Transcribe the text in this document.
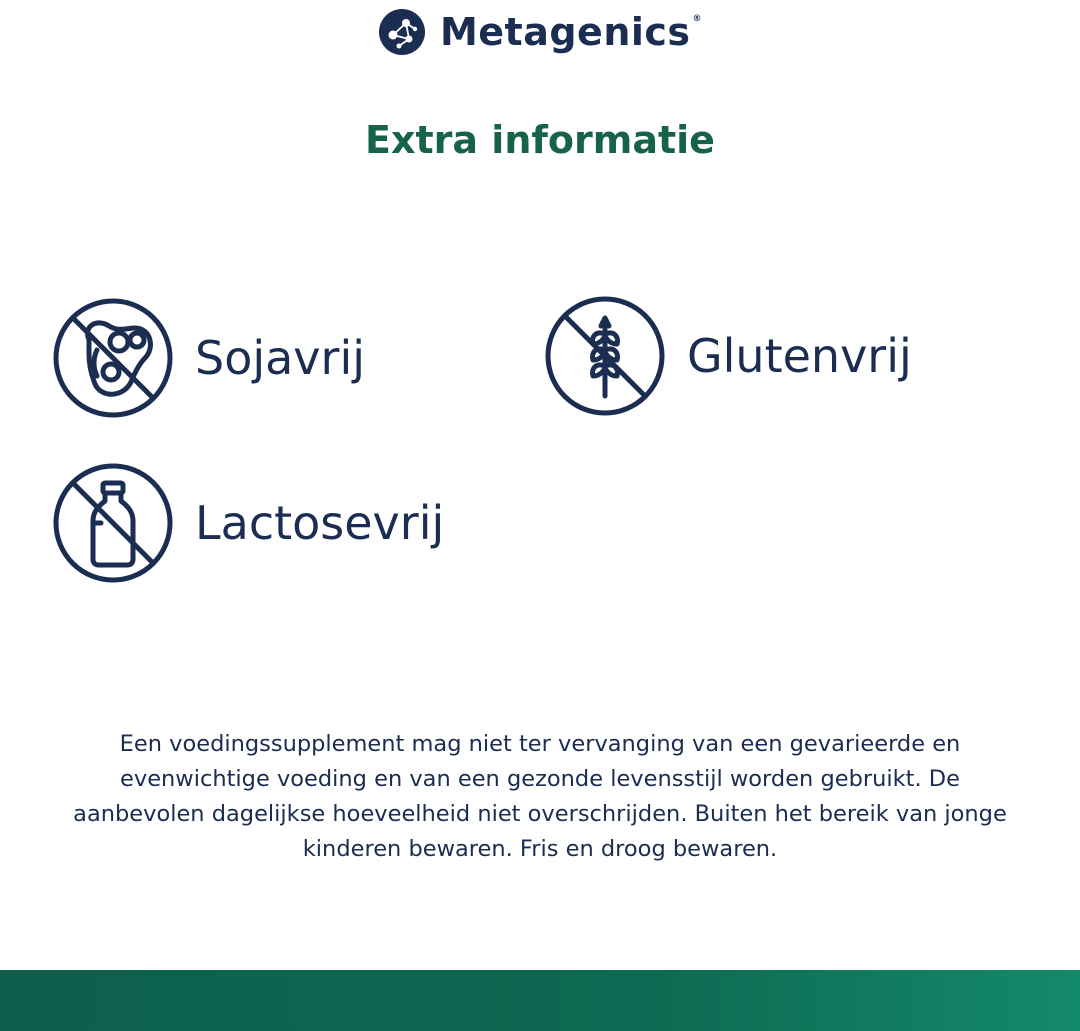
Metagenics ®
Extra informatie
Sojavrij	Glutenvrij
Lactosevrij
Een voedingssupplement mag niet ter vervanging van een gevarieerde en evenwichtige voeding en van een gezonde levensstijl worden gebruikt. De aanbevolen dagelijkse hoeveelheid niet overschrijden. Buiten het bereik van jonge kinderen bewaren. Fris en droog bewaren.
